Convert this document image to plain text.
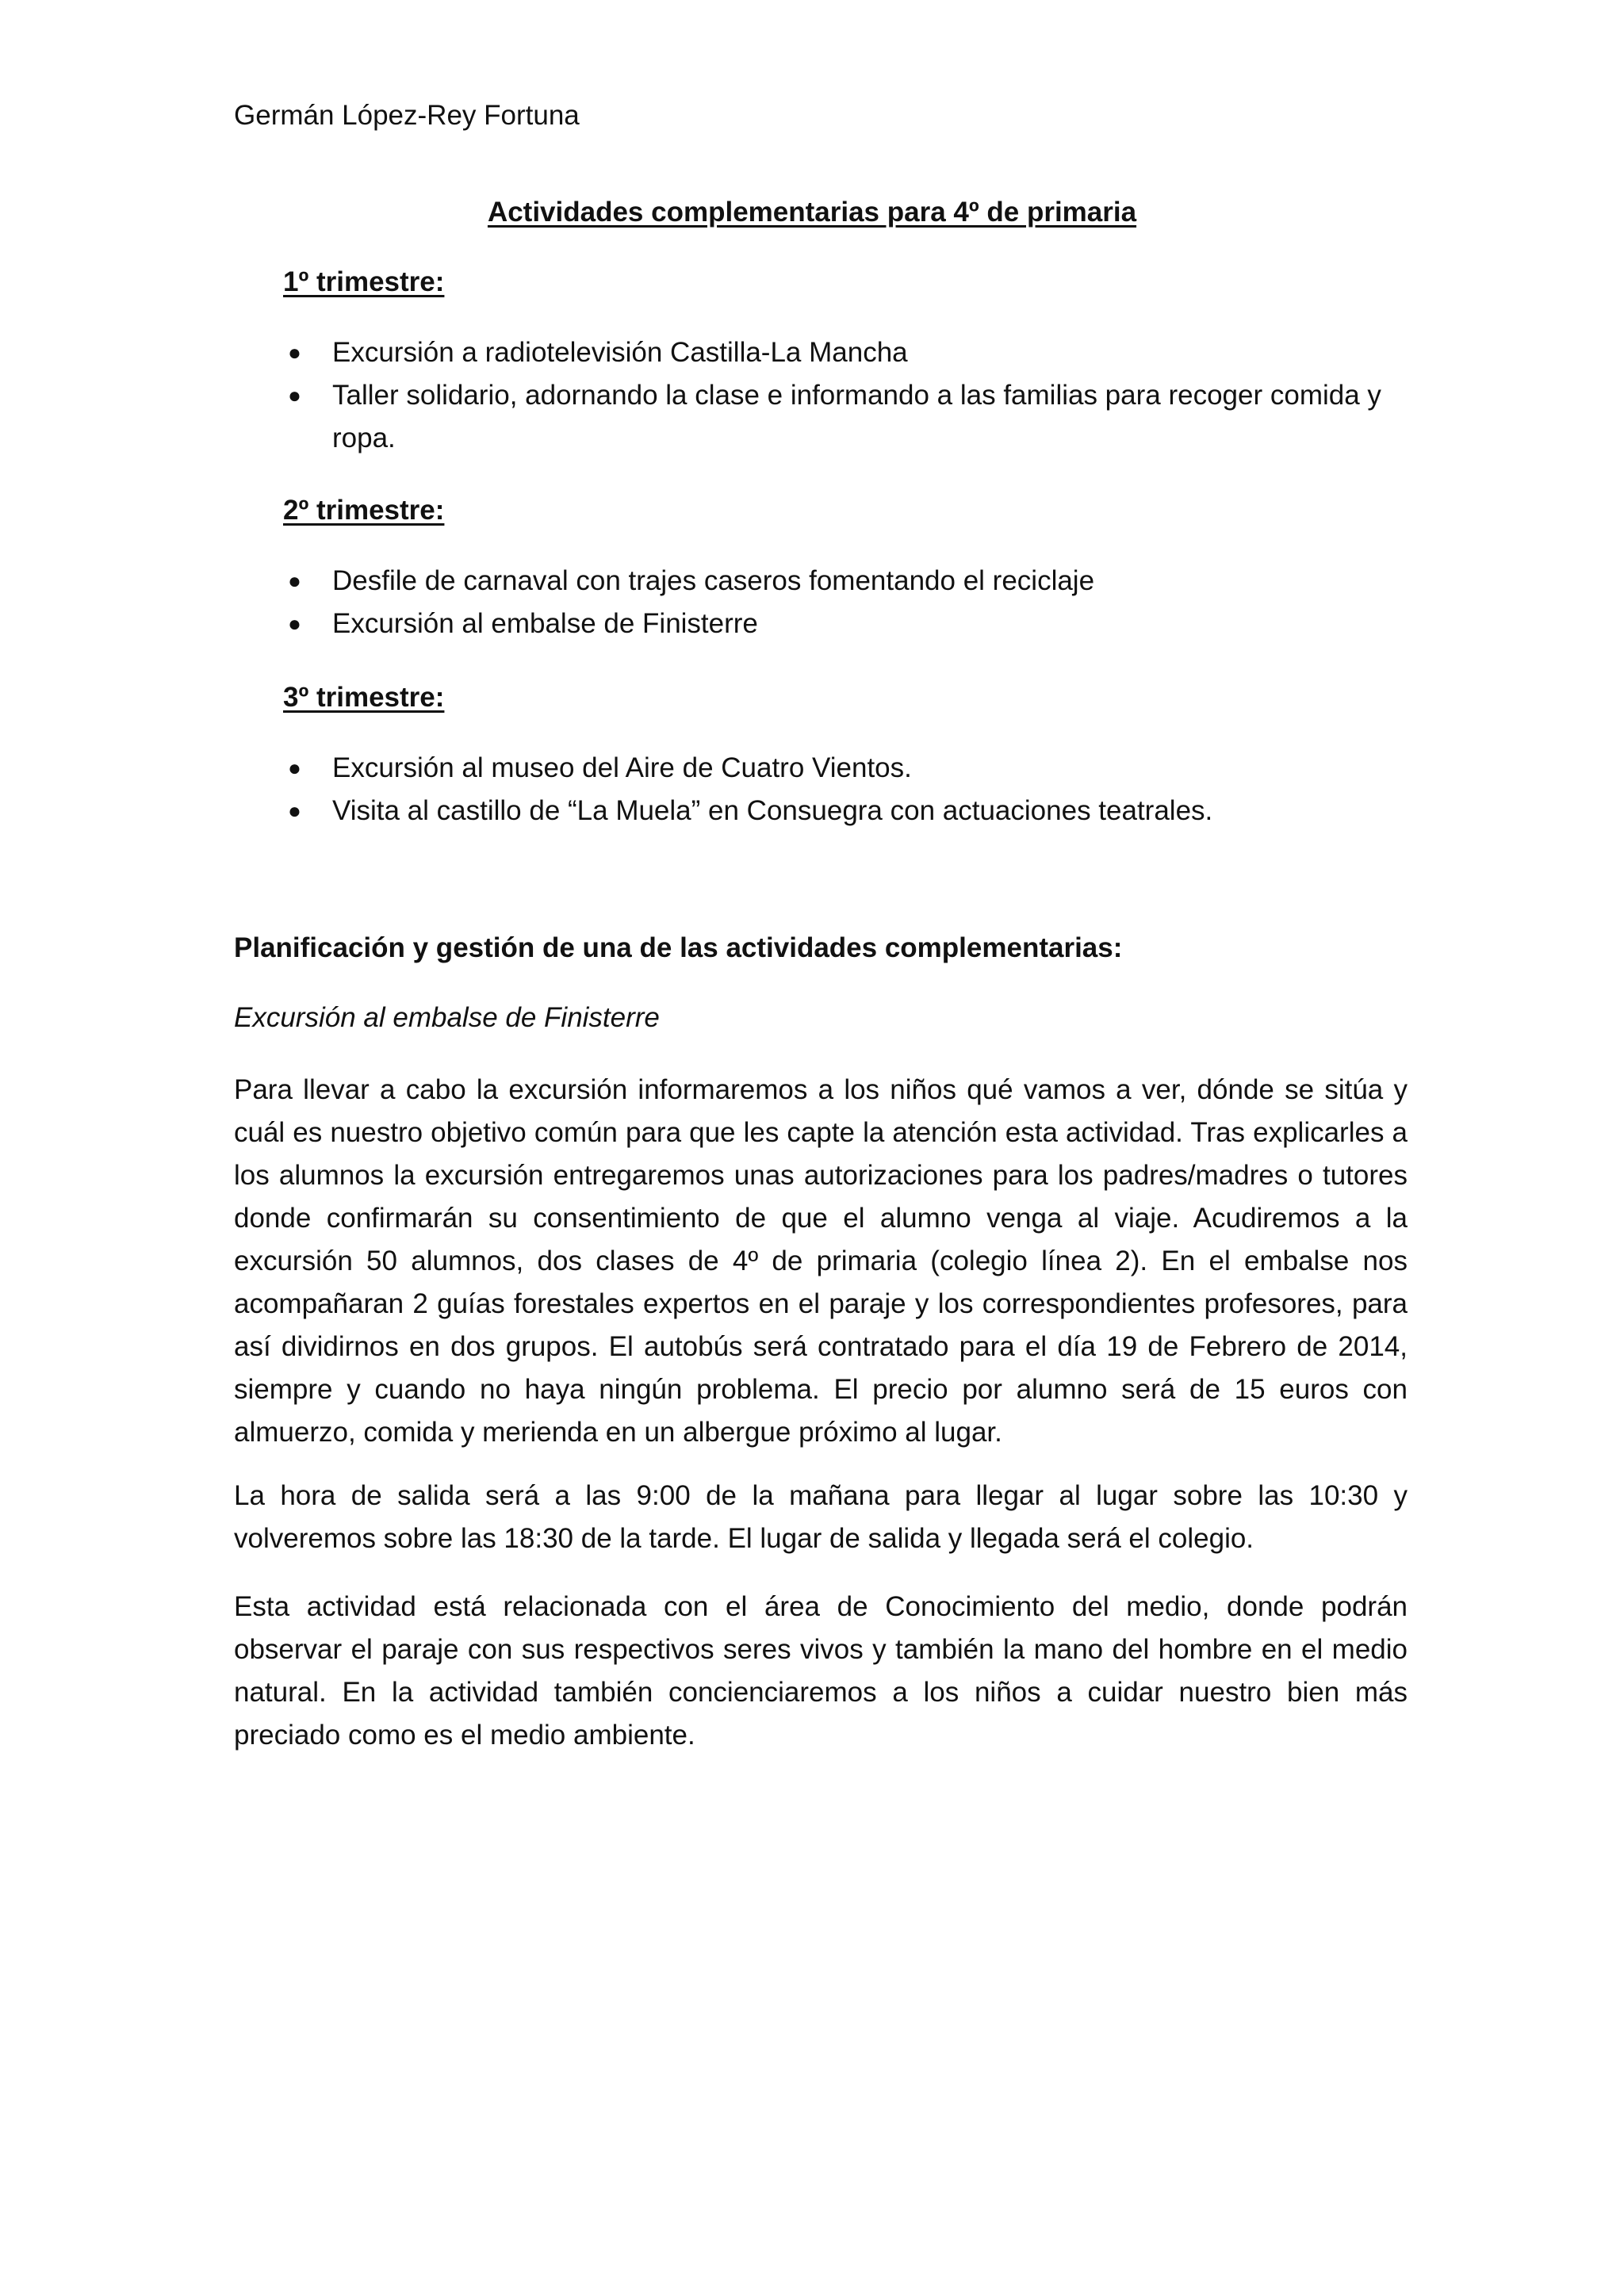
Germán López-Rey Fortuna
Actividades complementarias para 4º de primaria
1º trimestre:
● Excursión a radiotelevisión Castilla-La Mancha
● Taller solidario, adornando la clase e informando a las familias para recoger comida y ropa.
2º trimestre:
● Desfile de carnaval con trajes caseros fomentando el reciclaje
● Excursión al embalse de Finisterre
3º trimestre:
● Excursión al museo del Aire de Cuatro Vientos.
● Visita al castillo de “La Muela” en Consuegra con actuaciones teatrales.
Planificación y gestión de una de las actividades complementarias:
Excursión al embalse de Finisterre

Para llevar a cabo la excursión informaremos a los niños qué vamos a ver, dónde se sitúa y cuál es nuestro objetivo común para que les capte la atención esta actividad. Tras explicarles a los alumnos la excursión entregaremos unas autorizaciones para los padres/madres o tutores donde confirmarán su consentimiento de que el alumno venga al viaje. Acudiremos a la excursión 50 alumnos, dos clases de 4º de primaria (colegio línea 2). En el embalse nos acompañaran 2 guías forestales expertos en el paraje y los correspondientes profesores, para así dividirnos en dos grupos. El autobús será contratado para el día 19 de Febrero de 2014, siempre y cuando no haya ningún problema. El precio por alumno será de 15 euros con almuerzo, comida y merienda en un albergue próximo al lugar.

La hora de salida será a las 9:00 de la mañana para llegar al lugar sobre las 10:30 y volveremos sobre las 18:30 de la tarde. El lugar de salida y llegada será el colegio.

Esta actividad está relacionada con el área de Conocimiento del medio, donde podrán observar el paraje con sus respectivos seres vivos y también la mano del hombre en el medio natural. En la actividad también concienciaremos a los niños a cuidar nuestro bien más preciado como es el medio ambiente.
